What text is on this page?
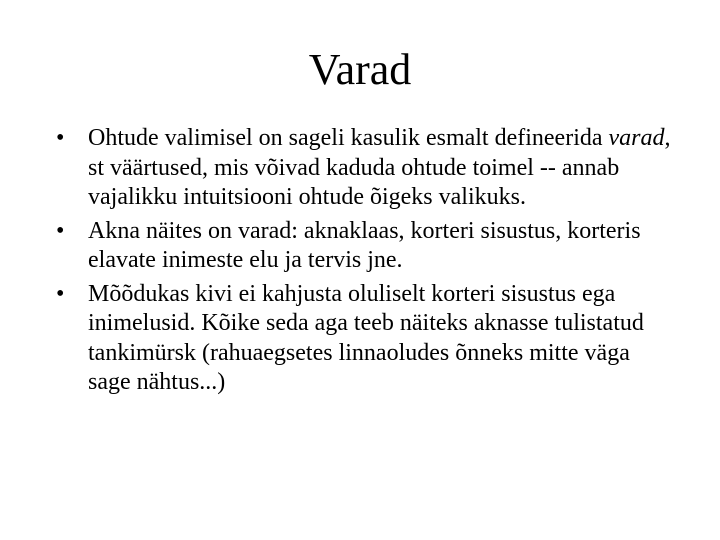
Varad
• Ohtude valimisel on sageli kasulik esmalt defineerida varad, st väärtused, mis võivad kaduda ohtude toimel -- annab vajalikku intuitsiooni ohtude õigeks valikuks.
• Akna näites on varad: aknaklaas, korteri sisustus, korteris elavate inimeste elu ja tervis jne.
• Mõõdukas kivi ei kahjusta oluliselt korteri sisustus ega inimelusid. Kõike seda aga teeb näiteks aknasse tulistatud tankimürsk (rahuaegsetes linnaoludes õnneks mitte väga sage nähtus...)
